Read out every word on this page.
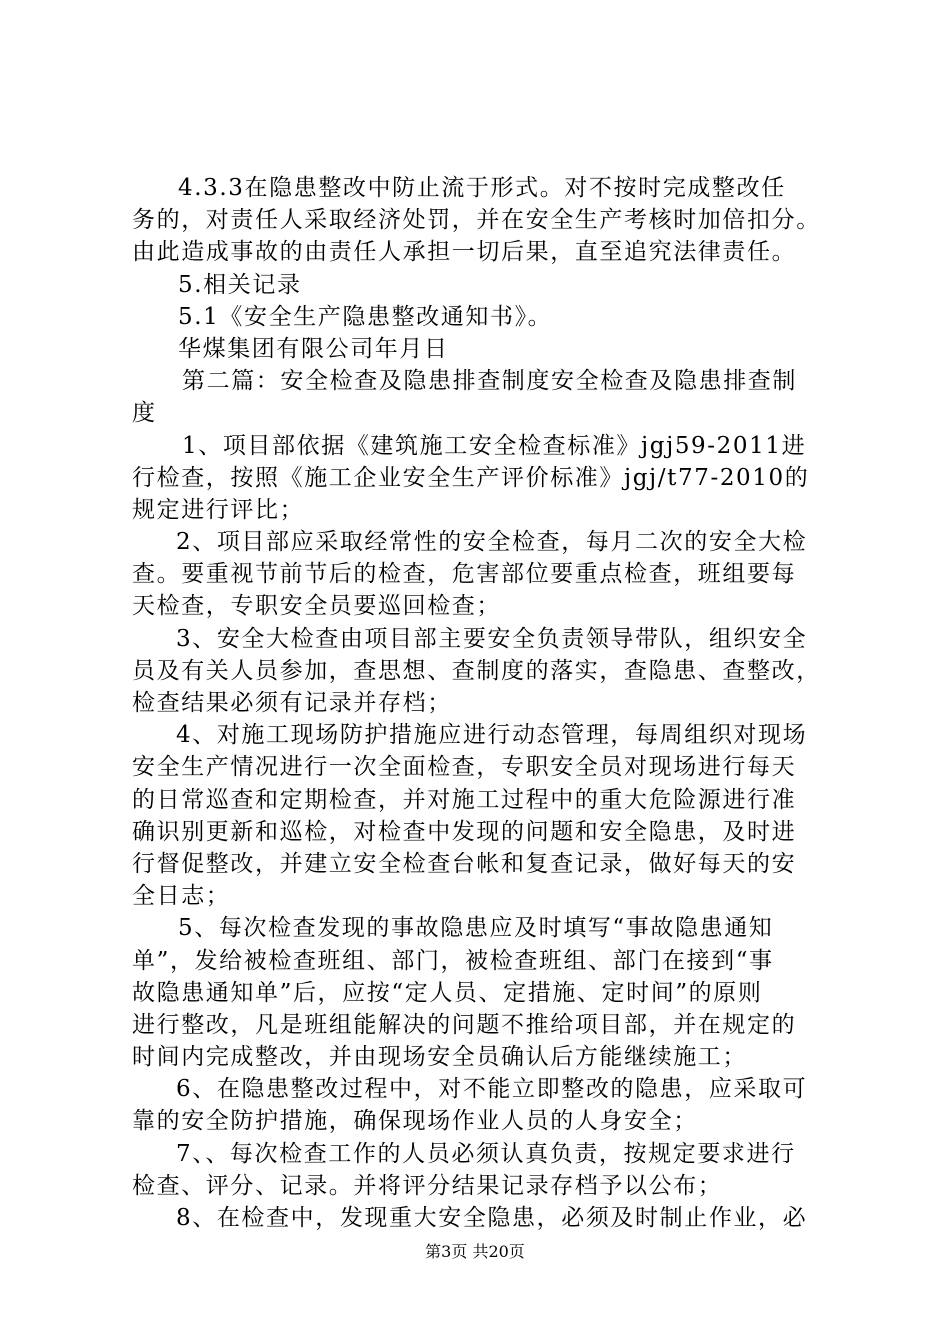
4.3.3在隐患整改中防止流于形式。对不按时完成整改任
务的，对责任人采取经济处罚，并在安全生产考核时加倍扣分。
由此造成事故的由责任人承担一切后果，直至追究法律责任。
5.相关记录
5.1《安全生产隐患整改通知书》。
华煤集团有限公司年月日
第二篇：安全检查及隐患排查制度安全检查及隐患排查制
度
1、项目部依据《建筑施工安全检查标准》jgj59-2011进
行检查，按照《施工企业安全生产评价标准》jgj/t77-2010的
规定进行评比；
2、项目部应采取经常性的安全检查，每月二次的安全大检
查。要重视节前节后的检查，危害部位要重点检查，班组要每
天检查，专职安全员要巡回检查；
3、安全大检查由项目部主要安全负责领导带队，组织安全
员及有关人员参加，查思想、查制度的落实，查隐患、查整改，
检查结果必须有记录并存档；
4、对施工现场防护措施应进行动态管理，每周组织对现场
安全生产情况进行一次全面检查，专职安全员对现场进行每天
的日常巡查和定期检查，并对施工过程中的重大危险源进行准
确识别更新和巡检，对检查中发现的问题和安全隐患，及时进
行督促整改，并建立安全检查台帐和复查记录，做好每天的安
全日志；
5、每次检查发现的事故隐患应及时填写“事故隐患通知
单”，发给被检查班组、部门，被检查班组、部门在接到“事
故隐患通知单”后，应按“定人员、定措施、定时间”的原则
进行整改，凡是班组能解决的问题不推给项目部，并在规定的
时间内完成整改，并由现场安全员确认后方能继续施工；
6、在隐患整改过程中，对不能立即整改的隐患，应采取可
靠的安全防护措施，确保现场作业人员的人身安全；
7、、每次检查工作的人员必须认真负责，按规定要求进行
检查、评分、记录。并将评分结果记录存档予以公布；
8、在检查中，发现重大安全隐患，必须及时制止作业，必
第3页 共20页
